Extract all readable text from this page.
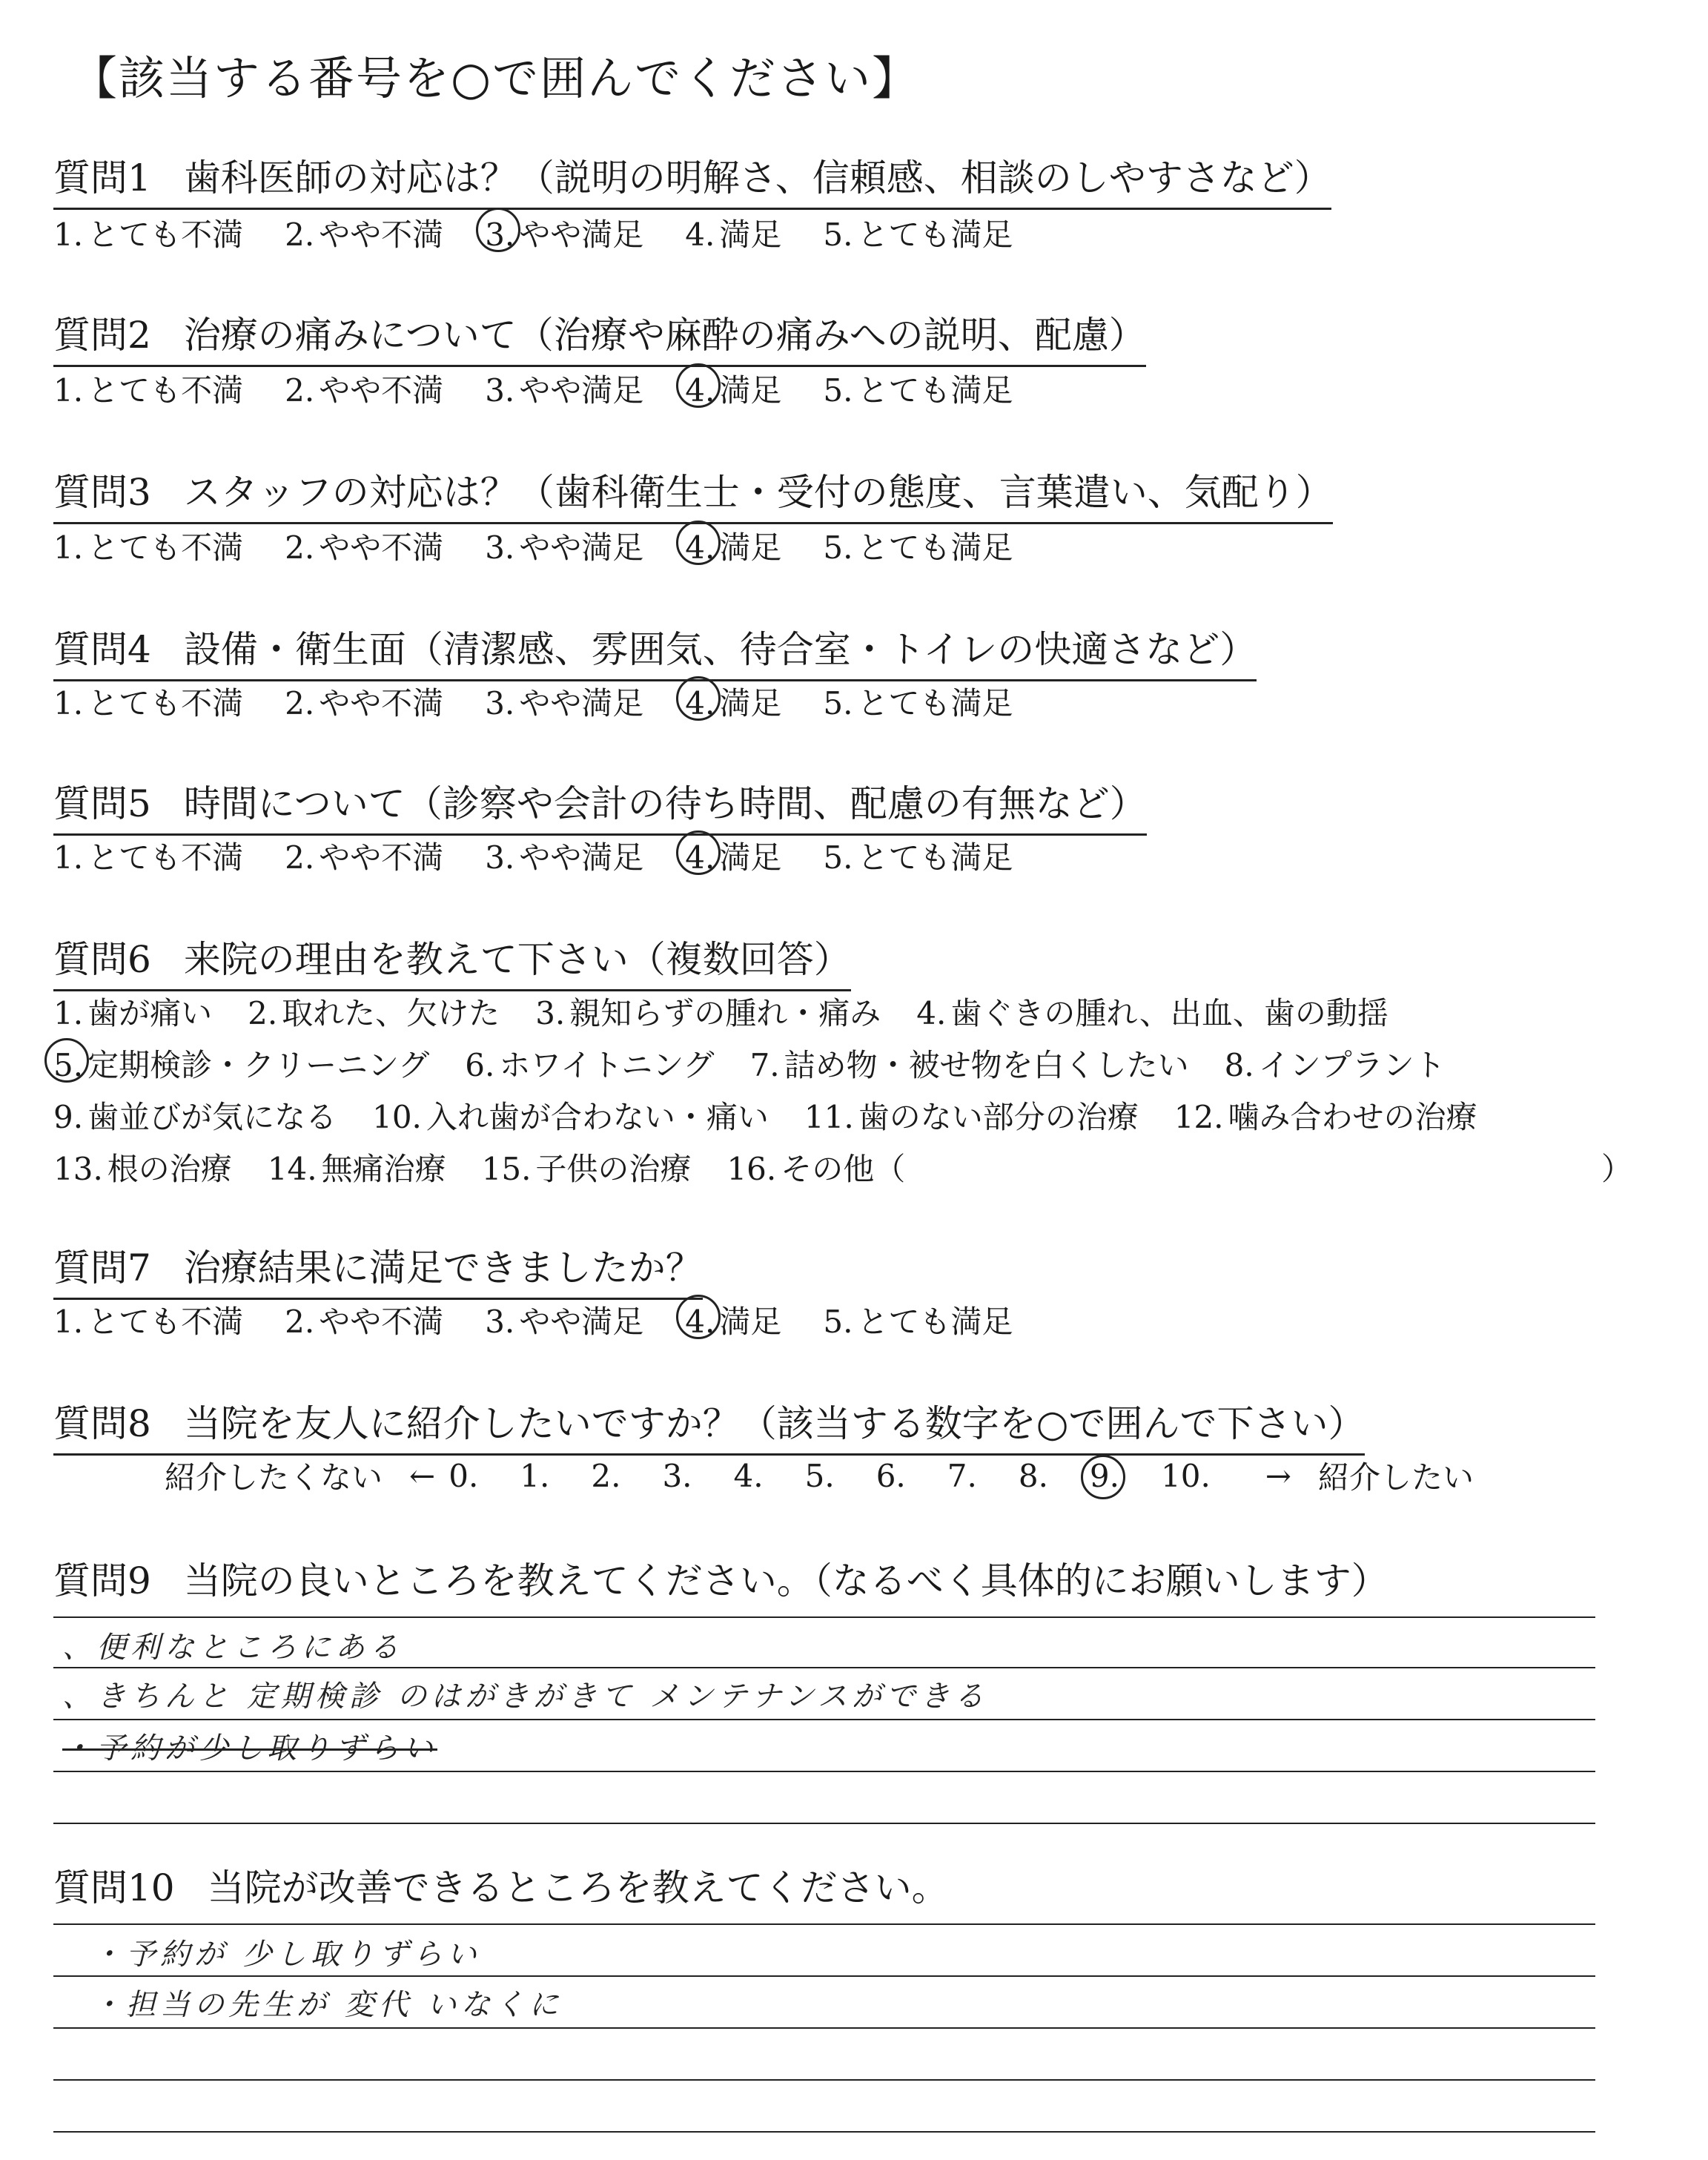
【該当する番号を○で囲んでください】
質問1 歯科医師の対応は？（説明の明解さ、信頼感、相談のしやすさなど）
1. とても不満 2. やや不満 3. やや満足 4. 満足 5. とても満足
質問2 治療の痛みについて（治療や麻酔の痛みへの説明、配慮）
1. とても不満 2. やや不満 3. やや満足 4. 満足 5. とても満足
質問3 スタッフの対応は？（歯科衛生士・受付の態度、言葉遣い、気配り）
1. とても不満 2. やや不満 3. やや満足 4. 満足 5. とても満足
質問4 設備・衛生面（清潔感、雰囲気、待合室・トイレの快適さなど）
1. とても不満 2. やや不満 3. やや満足 4. 満足 5. とても満足
質問5 時間について（診察や会計の待ち時間、配慮の有無など）
1. とても不満 2. やや不満 3. やや満足 4. 満足 5. とても満足
質問6 来院の理由を教えて下さい（複数回答）
1. 歯が痛い 2. 取れた、欠けた 3. 親知らずの腫れ・痛み 4. 歯ぐきの腫れ、出血、歯の動揺
5. 定期検診・クリーニング 6. ホワイトニング 7. 詰め物・被せ物を白くしたい 8. インプラント
9. 歯並びが気になる 10. 入れ歯が合わない・痛い 11. 歯のない部分の治療 12. 噛み合わせの治療
13. 根の治療 14. 無痛治療 15. 子供の治療 16. その他（	）
質問7 治療結果に満足できましたか？
1. とても不満 2. やや不満 3. やや満足 4. 満足 5. とても満足
質問8 当院を友人に紹介したいですか？（該当する数字を○で囲んで下さい）
紹介したくない ← 0. 1. 2. 3. 4. 5. 6. 7. 8. 9. 10. → 紹介したい
質問9 当院の良いところを教えてください。（なるべく具体的にお願いします）
、便利なところにある
、きちんと 定期検診 のはがきがきて メンテナンスができる
・予約が少し取りずらい
質問10 当院が改善できるところを教えてください。
・予約が 少し取りずらい
・担当の先生が 変代 いなくに
